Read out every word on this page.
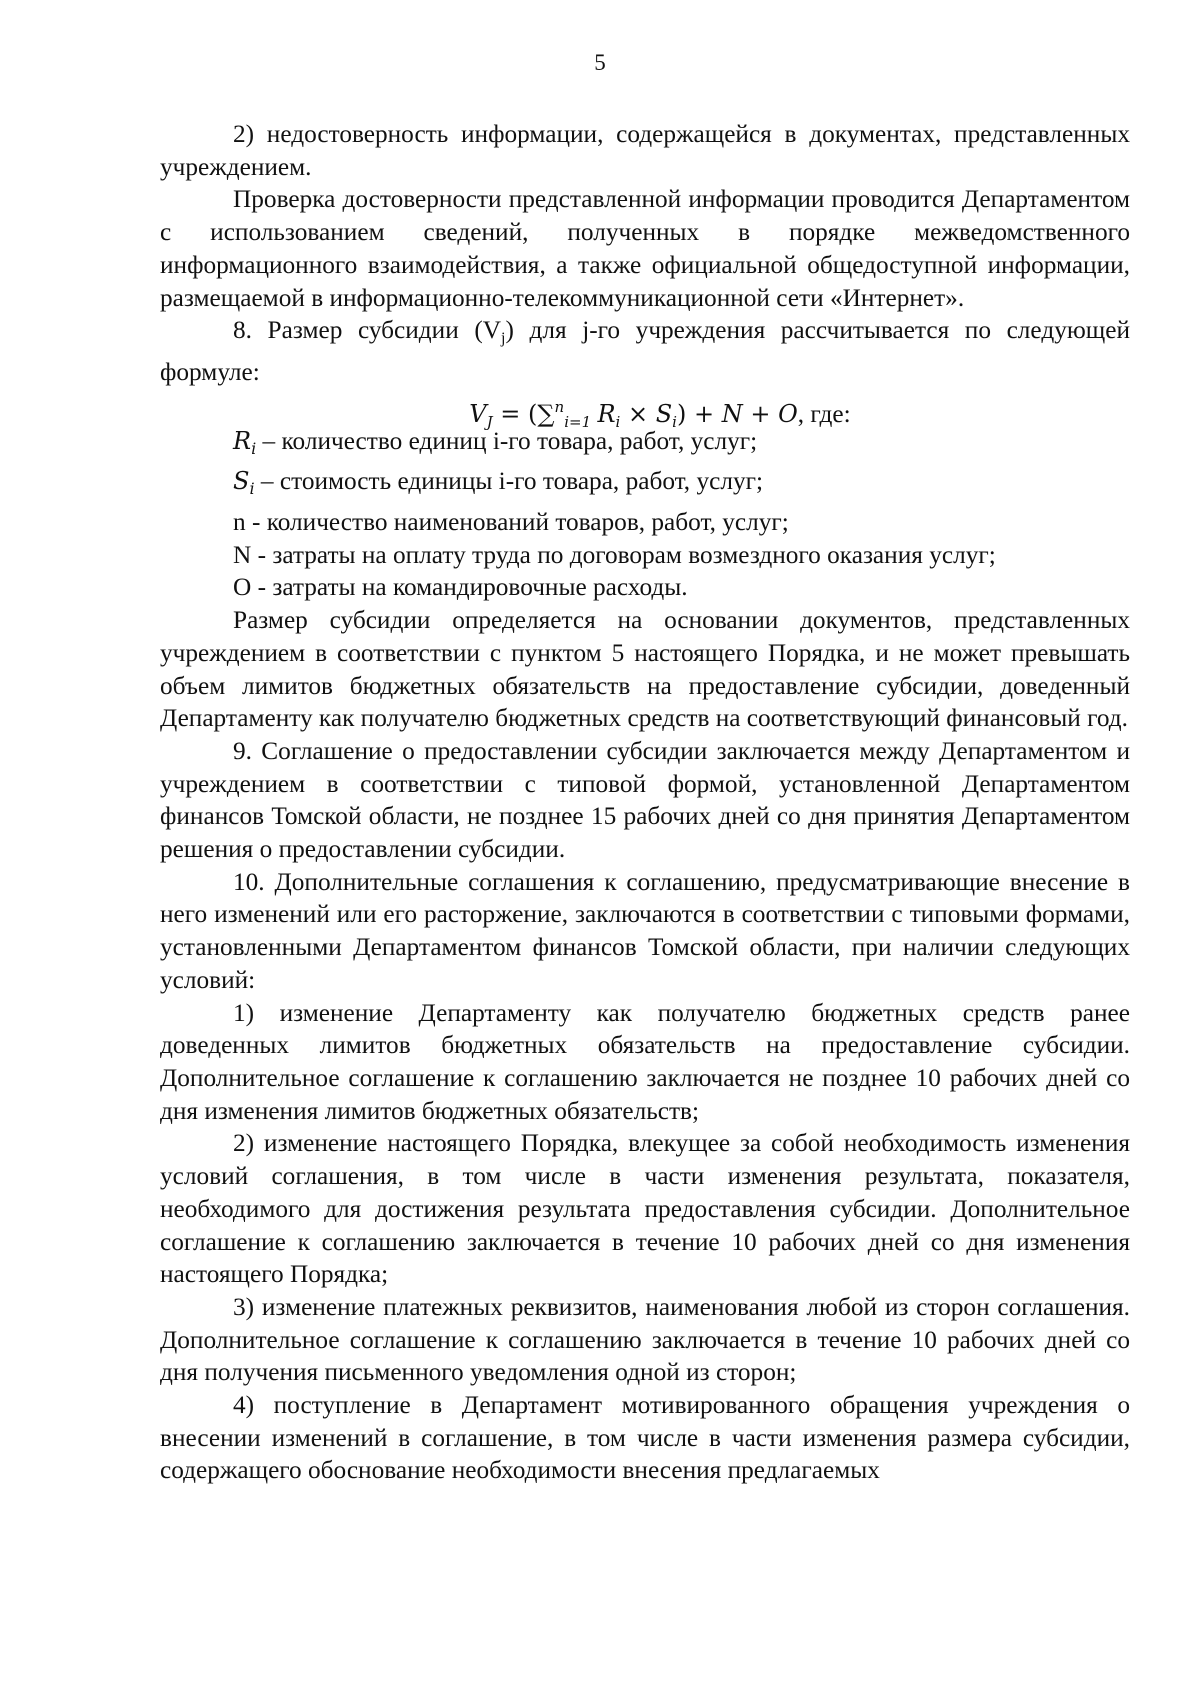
5

2) недостоверность информации, содержащейся в документах, представленных учреждением.

Проверка достоверности представленной информации проводится Департаментом с использованием сведений, полученных в порядке межведомственного информационного взаимодействия, а также официальной общедоступной информации, размещаемой в информационно-телекоммуникационной сети «Интернет».

8. Размер субсидии (Vj) для j-го учреждения рассчитывается по следующей формуле:

VJ = (∑$^n$i=1 Ri × Si) + N + O, где:

Ri – количество единиц i-го товара, работ, услуг;

Si – стоимость единицы i-го товара, работ, услуг;

n - количество наименований товаров, работ, услуг;

N - затраты на оплату труда по договорам возмездного оказания услуг;

O - затраты на командировочные расходы.

Размер субсидии определяется на основании документов, представленных учреждением в соответствии с пунктом 5 настоящего Порядка, и не может превышать объем лимитов бюджетных обязательств на предоставление субсидии, доведенный Департаменту как получателю бюджетных средств на соответствующий финансовый год.

9. Соглашение о предоставлении субсидии заключается между Департаментом и учреждением в соответствии с типовой формой, установленной Департаментом финансов Томской области, не позднее 15 рабочих дней со дня принятия Департаментом решения о предоставлении субсидии.

10. Дополнительные соглашения к соглашению, предусматривающие внесение в него изменений или его расторжение, заключаются в соответствии с типовыми формами, установленными Департаментом финансов Томской области, при наличии следующих условий:

1) изменение Департаменту как получателю бюджетных средств ранее доведенных лимитов бюджетных обязательств на предоставление субсидии. Дополнительное соглашение к соглашению заключается не позднее 10 рабочих дней со дня изменения лимитов бюджетных обязательств;

2) изменение настоящего Порядка, влекущее за собой необходимость изменения условий соглашения, в том числе в части изменения результата, показателя, необходимого для достижения результата предоставления субсидии. Дополнительное соглашение к соглашению заключается в течение 10 рабочих дней со дня изменения настоящего Порядка;

3) изменение платежных реквизитов, наименования любой из сторон соглашения. Дополнительное соглашение к соглашению заключается в течение 10 рабочих дней со дня получения письменного уведомления одной из сторон;

4) поступление в Департамент мотивированного обращения учреждения о внесении изменений в соглашение, в том числе в части изменения размера субсидии, содержащего обоснование необходимости внесения предлагаемых
